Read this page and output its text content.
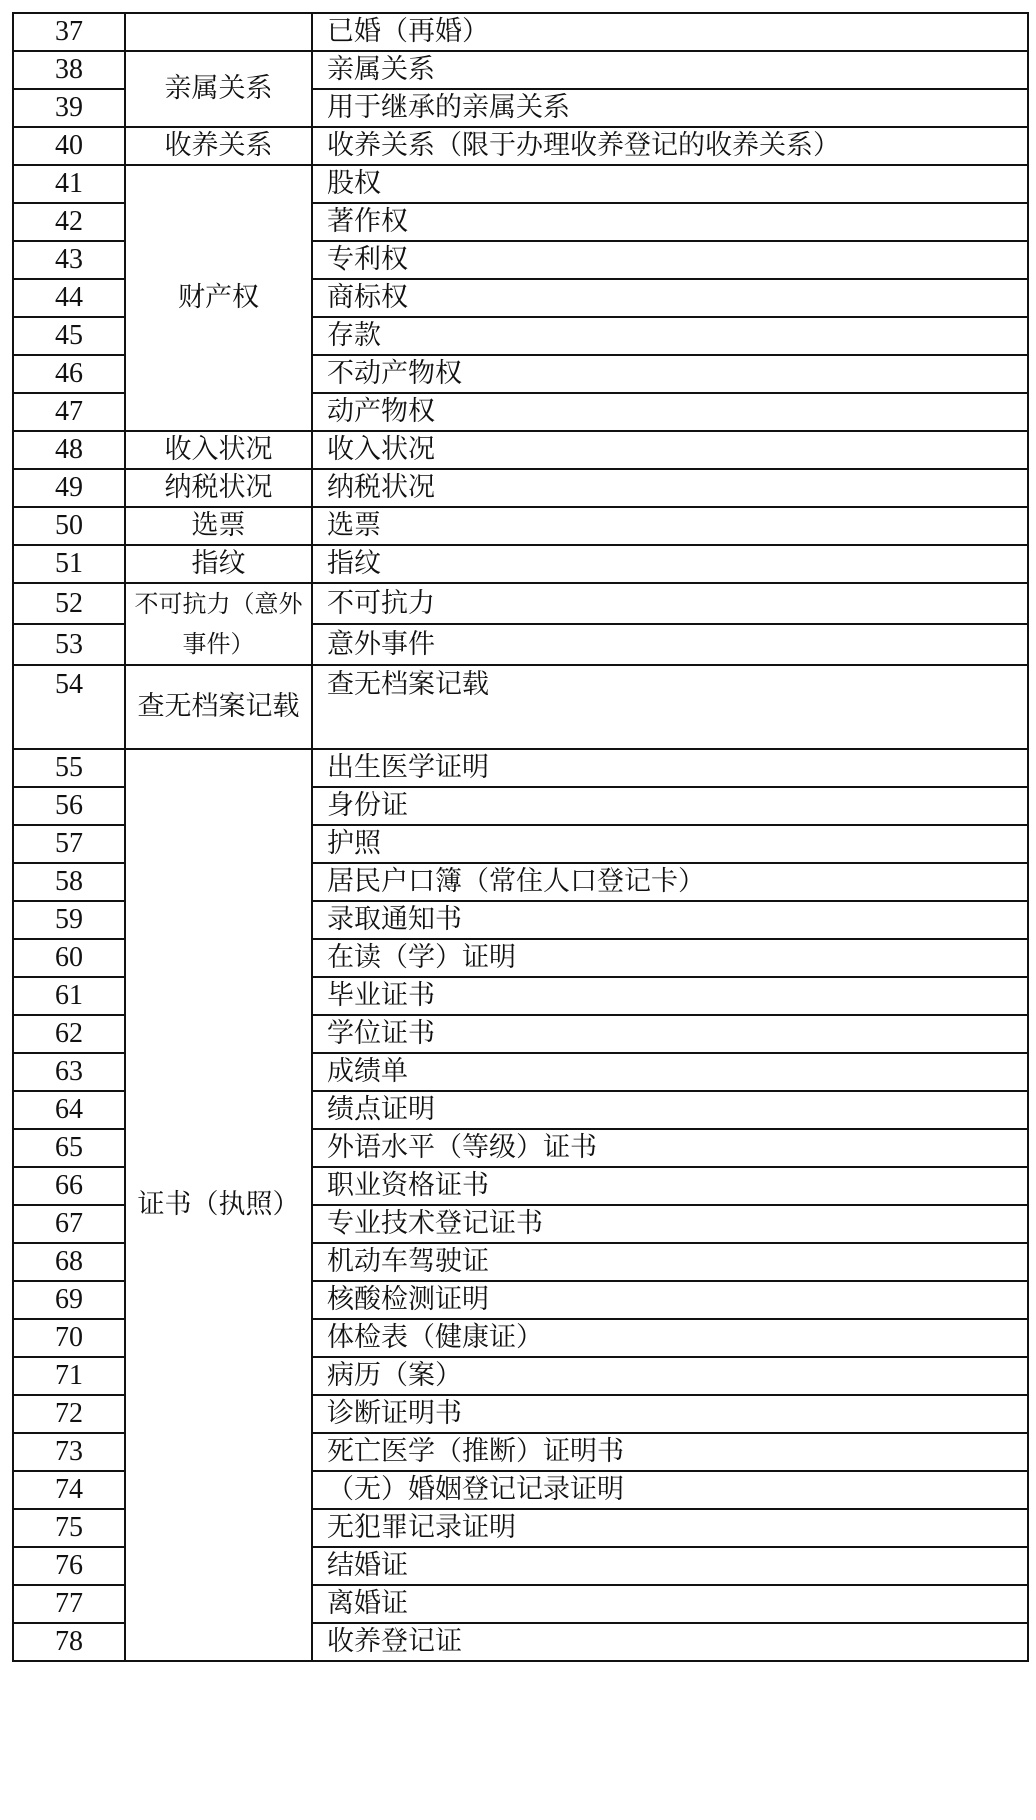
37		已婚（再婚）
38	亲属关系	亲属关系
39		用于继承的亲属关系
40	收养关系	收养关系（限于办理收养登记的收养关系）
41	财产权	股权
42		著作权
43		专利权
44		商标权
45		存款
46		不动产物权
47		动产物权
48	收入状况	收入状况
49	纳税状况	纳税状况
50	选票	选票
51	指纹	指纹
52	不可抗力（意外事件）	不可抗力
53		意外事件
54	查无档案记载	查无档案记载
55	证书（执照）	出生医学证明
56		身份证
57		护照
58		居民户口簿（常住人口登记卡）
59		录取通知书
60		在读（学）证明
61		毕业证书
62		学位证书
63		成绩单
64		绩点证明
65		外语水平（等级）证书
66		职业资格证书
67		专业技术登记证书
68		机动车驾驶证
69		核酸检测证明
70		体检表（健康证）
71		病历（案）
72		诊断证明书
73		死亡医学（推断）证明书
74		（无）婚姻登记记录证明
75		无犯罪记录证明
76		结婚证
77		离婚证
78		收养登记证
